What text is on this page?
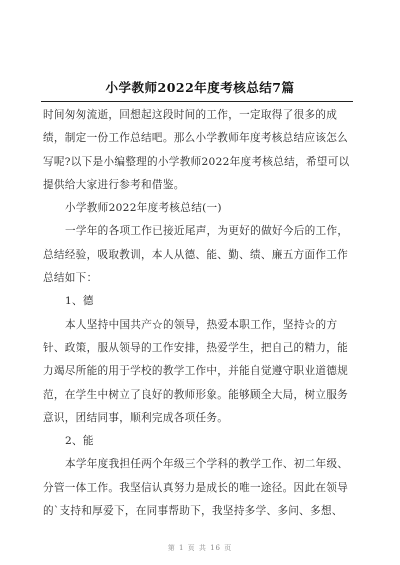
小学教师2022年度考核总结7篇

时间匆匆流逝，回想起这段时间的工作，一定取得了很多的成绩，制定一份工作总结吧。那么小学教师年度考核总结应该怎么写呢?以下是小编整理的小学教师2022年度考核总结，希望可以提供给大家进行参考和借鉴。

小学教师2022年度考核总结(一)

一学年的各项工作已接近尾声，为更好的做好今后的工作，总结经验，吸取教训，本人从德、能、勤、绩、廉五方面作工作总结如下：

1、德

本人坚持中国共产☆的领导，热爱本职工作，坚持☆的方针、政策，服从领导的工作安排，热爱学生，把自己的精力，能力竭尽所能的用于学校的教学工作中，并能自觉遵守职业道德规范，在学生中树立了良好的教师形象。能够顾全大局，树立服务意识，团结同事，顺利完成各项任务。

2、能

本学年度我担任两个年级三个学科的教学工作、初二年级、分管一体工作。我坚信认真努力是成长的唯一途径。因此在领导的`支持和厚爱下，在同事帮助下，我坚持多学、多问、多想、

第 1 页 共 16 页
